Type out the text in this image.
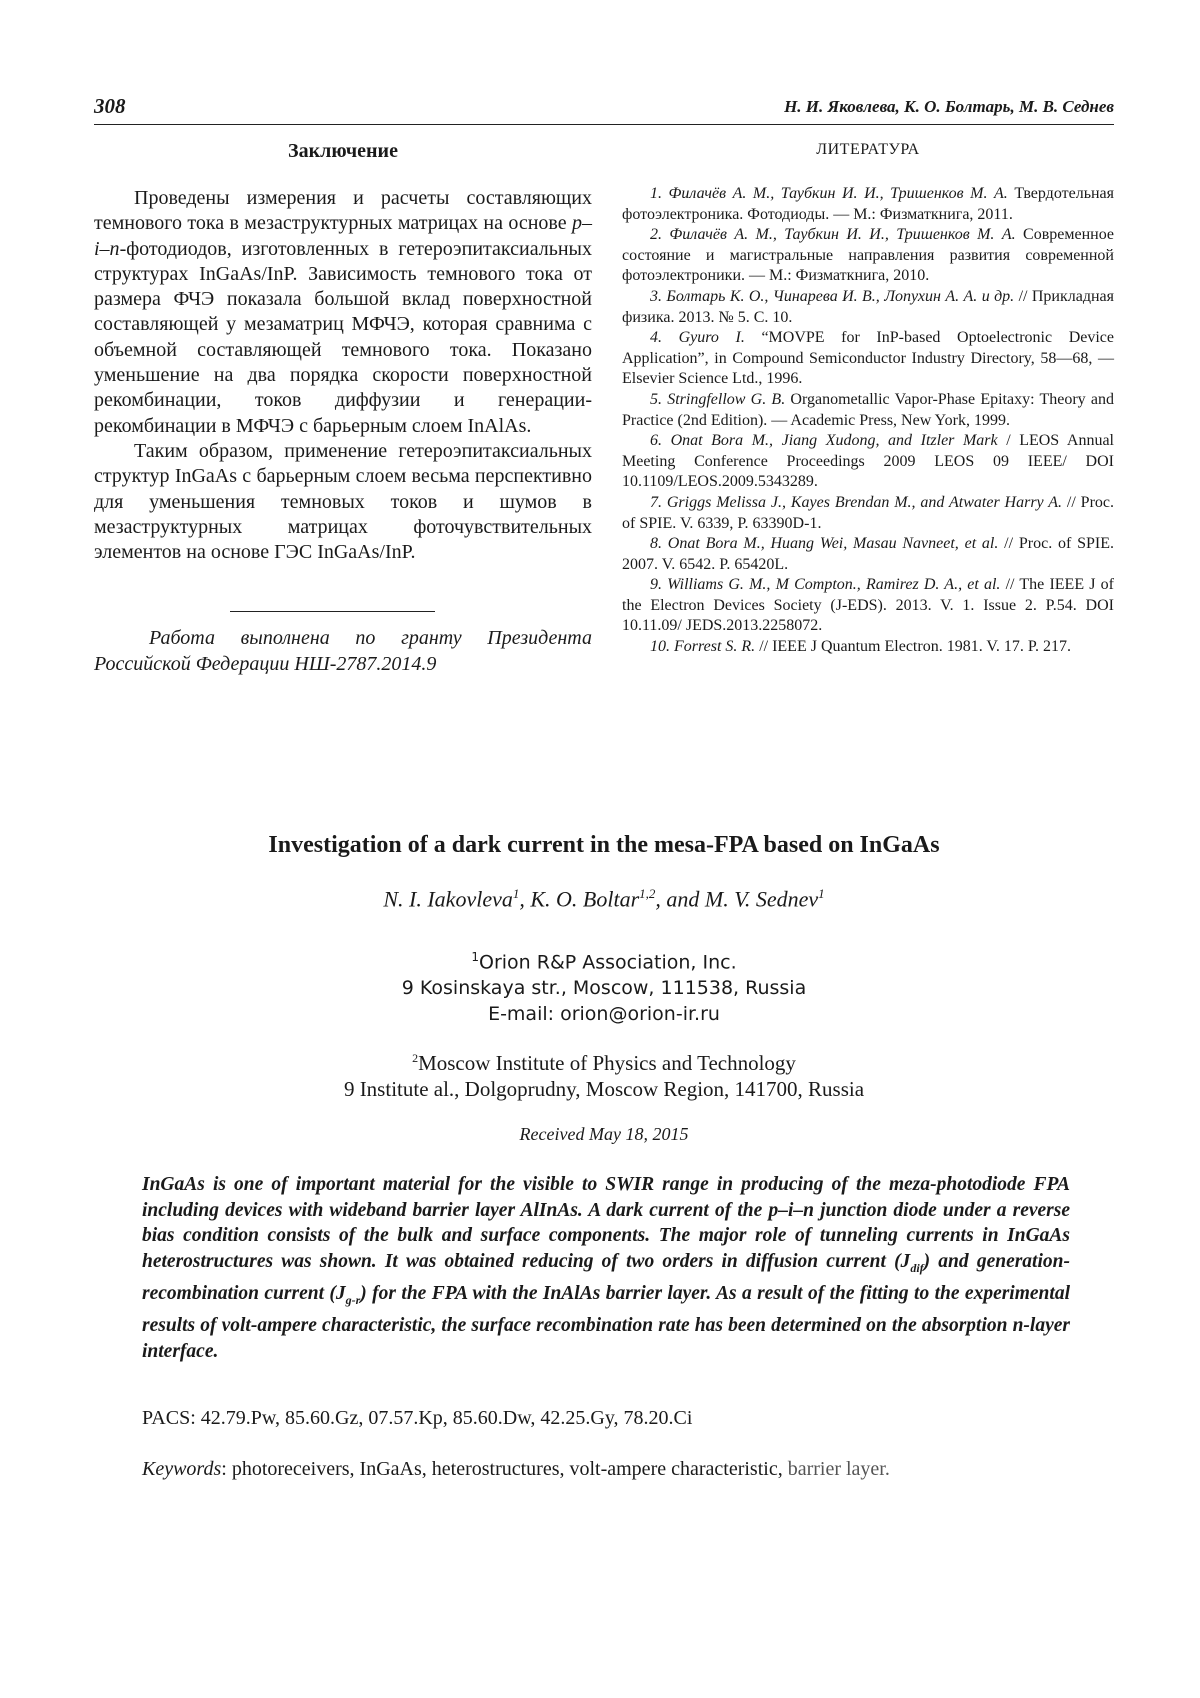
308	Н. И. Яковлева, К. О. Болтарь, М. В. Седнев
Заключение

Проведены измерения и расчеты составляющих темнового тока в мезаструктурных матрицах на основе p–i–n-фотодиодов, изготовленных в гетероэпитаксиальных структурах InGaAs/InP. Зависимость темнового тока от размера ФЧЭ показала большой вклад поверхностной составляющей у мезаматриц МФЧЭ, которая сравнима с объемной составляющей темнового тока. Показано уменьшение на два порядка скорости поверхностной рекомбинации, токов диффузии и генерации-рекомбинации в МФЧЭ с барьерным слоем InAlAs.

Таким образом, применение гетероэпитаксиальных структур InGaAs с барьерным слоем весьма перспективно для уменьшения темновых токов и шумов в мезаструктурных матрицах фоточувствительных элементов на основе ГЭС InGaAs/InP.

Работа выполнена по гранту Президента Российской Федерации НШ-2787.2014.9

ЛИТЕРАТУРА

1. Филачёв А. М., Таубкин И. И., Тришенков М. А. Твердотельная фотоэлектроника. Фотодиоды. — М.: Физматкнига, 2011.

2. Филачёв А. М., Таубкин И. И., Тришенков М. А. Современное состояние и магистральные направления развития современной фотоэлектроники. — М.: Физматкнига, 2010.

3. Болтарь К. О., Чинарева И. В., Лопухин А. А. и др. // Прикладная физика. 2013. № 5. С. 10.

4. Gyuro I. “MOVPE for InP-based Optoelectronic Device Application”, in Compound Semiconductor Industry Directory, 58—68, — Elsevier Science Ltd., 1996.

5. Stringfellow G. B. Organometallic Vapor-Phase Epitaxy: Theory and Practice (2nd Edition). — Academic Press, New York, 1999.

6. Onat Bora M., Jiang Xudong, and Itzler Mark / LEOS Annual Meeting Conference Proceedings 2009 LEOS 09 IEEE/ DOI 10.1109/LEOS.2009.5343289.

7. Griggs Melissa J., Kayes Brendan M., and Atwater Harry A. // Proc. of SPIE. V. 6339, P. 63390D-1.

8. Onat Bora M., Huang Wei, Masau Navneet, et al. // Proc. of SPIE. 2007. V. 6542. P. 65420L.

9. Williams G. M., M Compton., Ramirez D. A., et al. // The IEEE J of the Electron Devices Society (J-EDS). 2013. V. 1. Issue 2. P.54. DOI 10.11.09/ JEDS.2013.2258072.

10. Forrest S. R. // IEEE J Quantum Electron. 1981. V. 17. P. 217.

Investigation of a dark current in the mesa-FPA based on InGaAs
N. I. Iakovleva$^1$, K. O. Boltar$^{1,2}$, and M. V. Sednev$^1$
$^1$Orion R&P Association, Inc.
9 Kosinskaya str., Moscow, 111538, Russia
E-mail: orion@orion-ir.ru
$^2$Moscow Institute of Physics and Technology
9 Institute al., Dolgoprudny, Moscow Region, 141700, Russia
Received May 18, 2015
InGaAs is one of important material for the visible to SWIR range in producing of the meza-photodiode FPA including devices with wideband barrier layer AlInAs. A dark current of the p–i–n junction diode under a reverse bias condition consists of the bulk and surface components. The major role of tunneling currents in InGaAs heterostructures was shown. It was obtained reducing of two orders in diffusion current $(J_{dif})$ and generation-recombination current $(J_{g-r})$ for the FPA with the InAlAs barrier layer. As a result of the fitting to the experimental results of volt-ampere characteristic, the surface recombination rate has been determined on the absorption n-layer interface.
PACS: 42.79.Pw, 85.60.Gz, 07.57.Kp, 85.60.Dw, 42.25.Gy, 78.20.Ci
Keywords: photoreceivers, InGaAs, heterostructures, volt-ampere characteristic, barrier layer.
